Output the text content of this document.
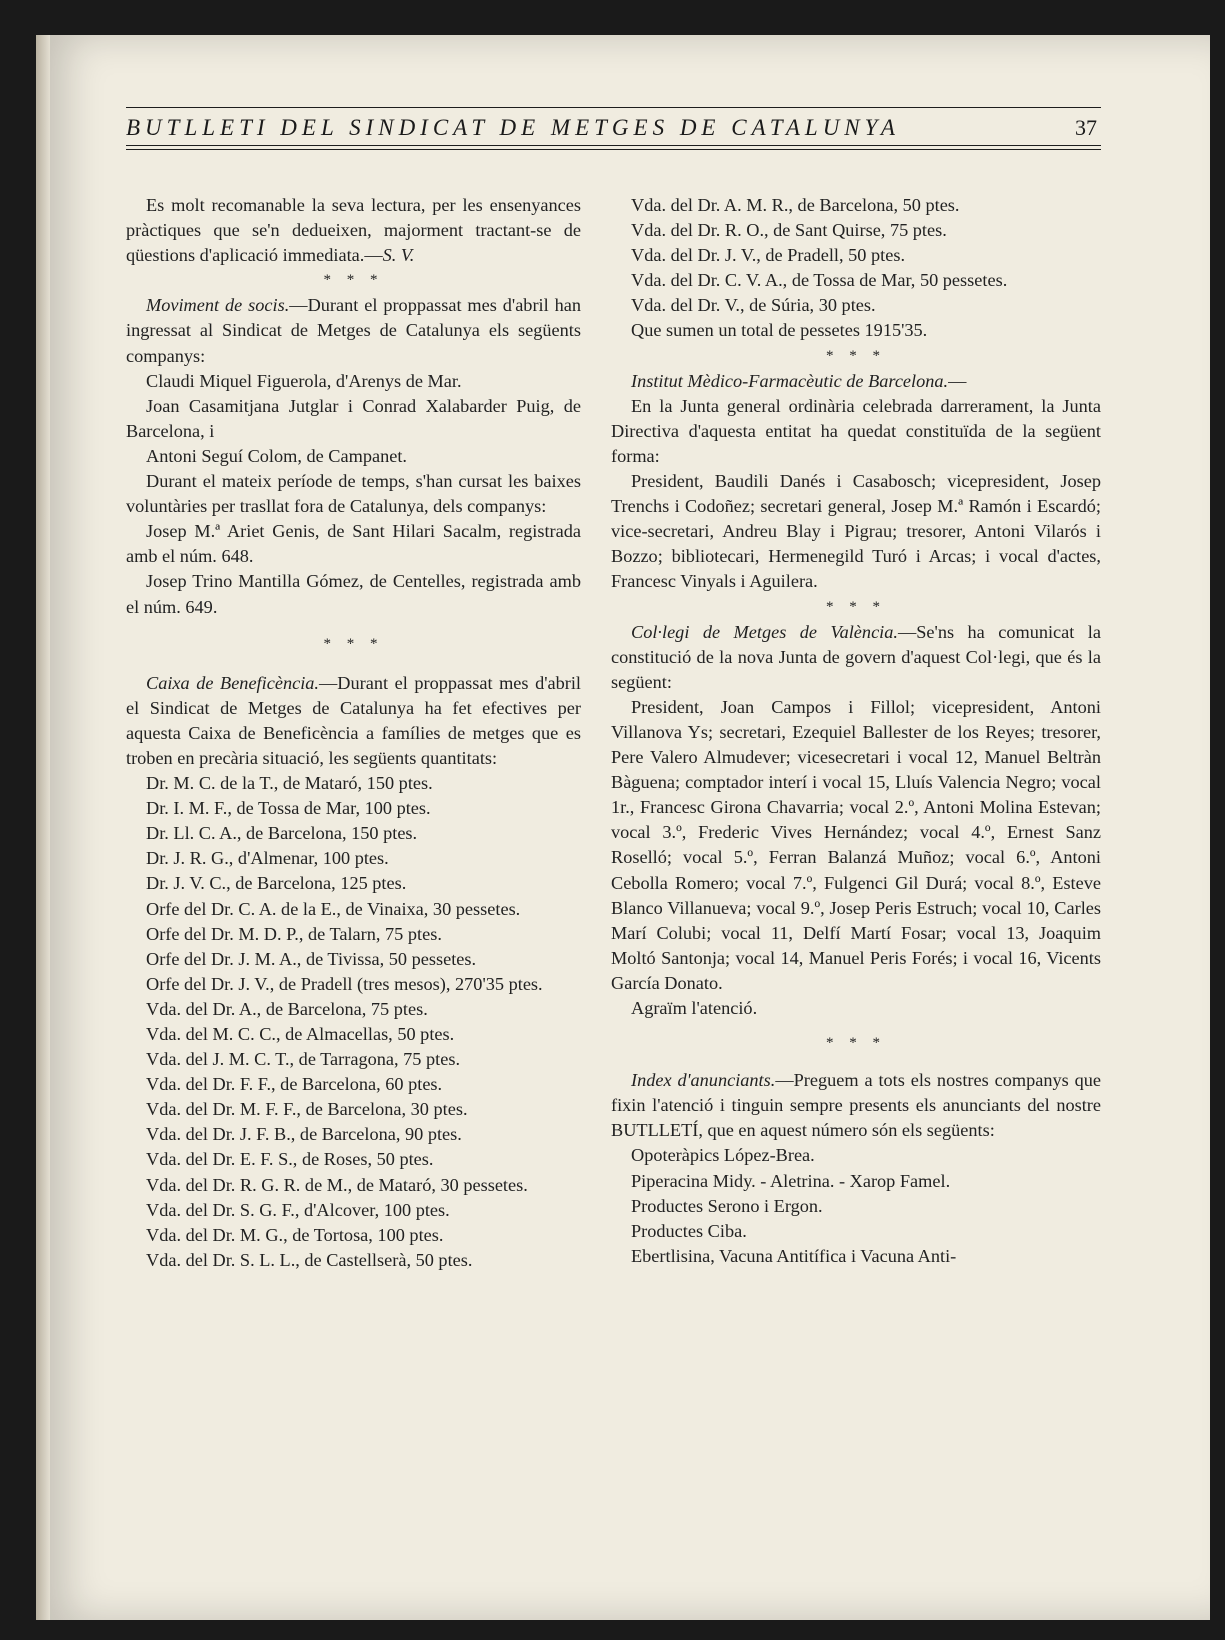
BUTLLETI DEL SINDICAT DE METGES DE CATALUNYA	37

Es molt recomanable la seva lectura, per les ensenyances pràctiques que se'n dedueixen, majorment tractant-se de qüestions d'aplicació immediata.—S. V.

* * *

Moviment de socis.—Durant el proppassat mes d'abril han ingressat al Sindicat de Metges de Catalunya els següents companys:

Claudi Miquel Figuerola, d'Arenys de Mar.

Joan Casamitjana Jutglar i Conrad Xalabarder Puig, de Barcelona, i

Antoni Seguí Colom, de Campanet.

Durant el mateix període de temps, s'han cursat les baixes voluntàries per trasllat fora de Catalunya, dels companys:

Josep M.ª Ariet Genis, de Sant Hilari Sacalm, registrada amb el núm. 648.

Josep Trino Mantilla Gómez, de Centelles, registrada amb el núm. 649.

* * *

Caixa de Beneficència.—Durant el proppassat mes d'abril el Sindicat de Metges de Catalunya ha fet efectives per aquesta Caixa de Beneficència a famílies de metges que es troben en precària situació, les següents quantitats:

Dr. M. C. de la T., de Mataró, 150 ptes.

Dr. I. M. F., de Tossa de Mar, 100 ptes.

Dr. Ll. C. A., de Barcelona, 150 ptes.

Dr. J. R. G., d'Almenar, 100 ptes.

Dr. J. V. C., de Barcelona, 125 ptes.

Orfe del Dr. C. A. de la E., de Vinaixa, 30 pessetes.

Orfe del Dr. M. D. P., de Talarn, 75 ptes.

Orfe del Dr. J. M. A., de Tivissa, 50 pessetes.

Orfe del Dr. J. V., de Pradell (tres mesos), 270'35 ptes.

Vda. del Dr. A., de Barcelona, 75 ptes.

Vda. del M. C. C., de Almacellas, 50 ptes.

Vda. del J. M. C. T., de Tarragona, 75 ptes.

Vda. del Dr. F. F., de Barcelona, 60 ptes.

Vda. del Dr. M. F. F., de Barcelona, 30 ptes.

Vda. del Dr. J. F. B., de Barcelona, 90 ptes.

Vda. del Dr. E. F. S., de Roses, 50 ptes.

Vda. del Dr. R. G. R. de M., de Mataró, 30 pessetes.

Vda. del Dr. S. G. F., d'Alcover, 100 ptes.

Vda. del Dr. M. G., de Tortosa, 100 ptes.

Vda. del Dr. S. L. L., de Castellserà, 50 ptes.

Vda. del Dr. A. M. R., de Barcelona, 50 ptes.

Vda. del Dr. R. O., de Sant Quirse, 75 ptes.

Vda. del Dr. J. V., de Pradell, 50 ptes.

Vda. del Dr. C. V. A., de Tossa de Mar, 50 pessetes.

Vda. del Dr. V., de Súria, 30 ptes.

Que sumen un total de pessetes 1915'35.

* * *

Institut Mèdico-Farmacèutic de Barcelona.—

En la Junta general ordinària celebrada darrerament, la Junta Directiva d'aquesta entitat ha quedat constituïda de la següent forma:

President, Baudili Danés i Casabosch; vicepresident, Josep Trenchs i Codoñez; secretari general, Josep M.ª Ramón i Escardó; vice-secretari, Andreu Blay i Pigrau; tresorer, Antoni Vilarós i Bozzo; bibliotecari, Hermenegild Turó i Arcas; i vocal d'actes, Francesc Vinyals i Aguilera.

* * *

Col·legi de Metges de València.—Se'ns ha comunicat la constitució de la nova Junta de govern d'aquest Col·legi, que és la següent:

President, Joan Campos i Fillol; vicepresident, Antoni Villanova Ys; secretari, Ezequiel Ballester de los Reyes; tresorer, Pere Valero Almudever; vicesecretari i vocal 12, Manuel Beltràn Bàguena; comptador interí i vocal 15, Lluís Valencia Negro; vocal 1r., Francesc Girona Chavarria; vocal 2.º, Antoni Molina Estevan; vocal 3.º, Frederic Vives Hernández; vocal 4.º, Ernest Sanz Roselló; vocal 5.º, Ferran Balanzá Muñoz; vocal 6.º, Antoni Cebolla Romero; vocal 7.º, Fulgenci Gil Durá; vocal 8.º, Esteve Blanco Villanueva; vocal 9.º, Josep Peris Estruch; vocal 10, Carles Marí Colubi; vocal 11, Delfí Martí Fosar; vocal 13, Joaquim Moltó Santonja; vocal 14, Manuel Peris Forés; i vocal 16, Vicents García Donato.

Agraïm l'atenció.

* * *

Index d'anunciants.—Preguem a tots els nostres companys que fixin l'atenció i tinguin sempre presents els anunciants del nostre BUTLLETÍ, que en aquest número són els següents:

Opoteràpics López-Brea.

Piperacina Midy. - Aletrina. - Xarop Famel.

Productes Serono i Ergon.

Productes Ciba.

Ebertlisina, Vacuna Antitífica i Vacuna Anti-
